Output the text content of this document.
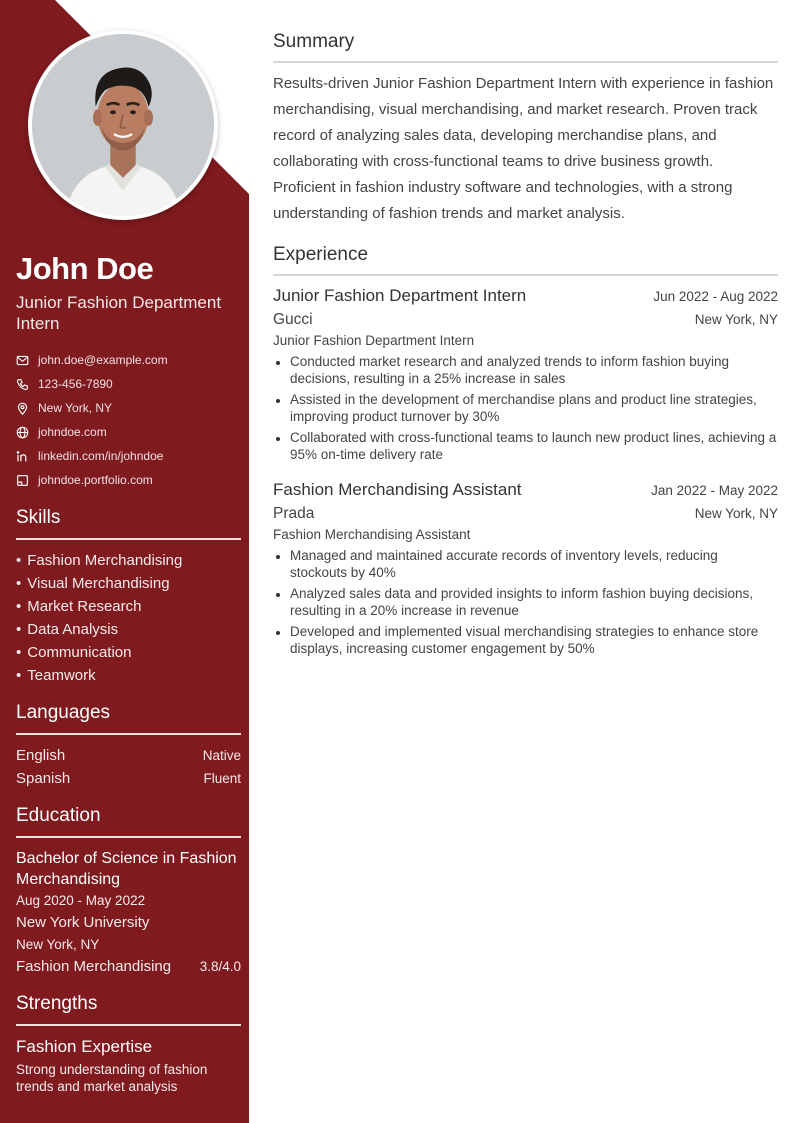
John Doe
Junior Fashion Department Intern
john.doe@example.com
123-456-7890
New York, NY
johndoe.com
linkedin.com/in/johndoe
johndoe.portfolio.com
Skills
• Fashion Merchandising
• Visual Merchandising
• Market Research
• Data Analysis
• Communication
• Teamwork
Languages
English	Native
Spanish	Fluent
Education
Bachelor of Science in Fashion Merchandising
Aug 2020 - May 2022
New York University
New York, NY
Fashion Merchandising 3.8/4.0
Strengths
Fashion Expertise
Strong understanding of fashion trends and market analysis
Summary

Results-driven Junior Fashion Department Intern with experience in fashion merchandising, visual merchandising, and market research. Proven track record of analyzing sales data, developing merchandise plans, and collaborating with cross-functional teams to drive business growth. Proficient in fashion industry software and technologies, with a strong understanding of fashion trends and market analysis.

Experience
Junior Fashion Department Intern	Jun 2022 - Aug 2022
Gucci	New York, NY
Junior Fashion Department Intern
Conducted market research and analyzed trends to inform fashion buying decisions, resulting in a 25% increase in sales
Assisted in the development of merchandise plans and product line strategies, improving product turnover by 30%
Collaborated with cross-functional teams to launch new product lines, achieving a 95% on-time delivery rate
Fashion Merchandising Assistant	Jan 2022 - May 2022
Prada	New York, NY
Fashion Merchandising Assistant
Managed and maintained accurate records of inventory levels, reducing stockouts by 40%
Analyzed sales data and provided insights to inform fashion buying decisions, resulting in a 20% increase in revenue
Developed and implemented visual merchandising strategies to enhance store displays, increasing customer engagement by 50%
